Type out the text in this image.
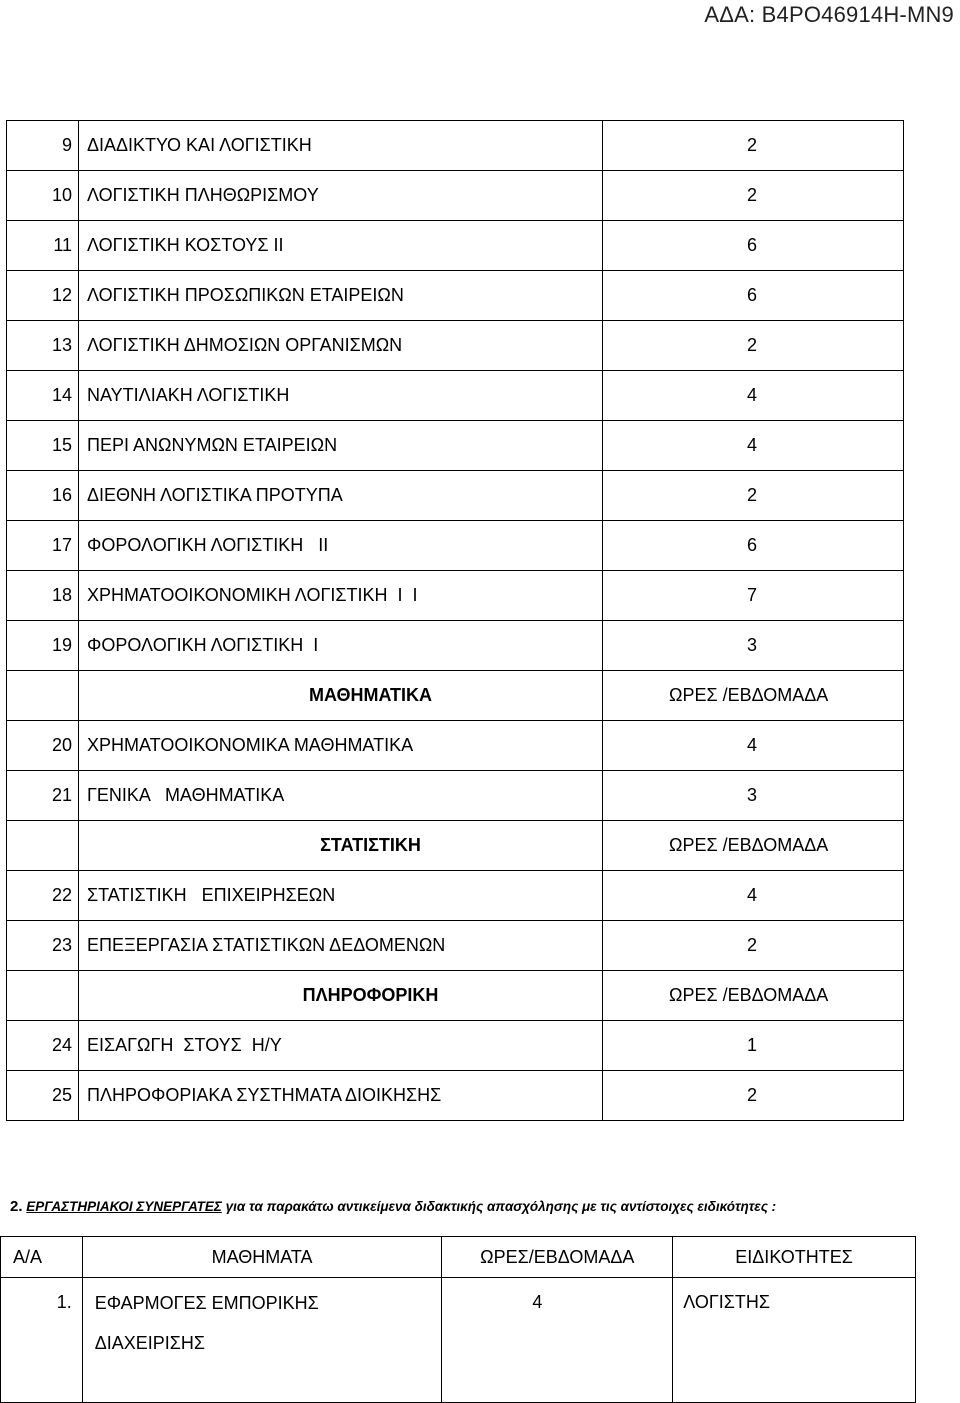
ΑΔΑ: Β4ΡΟ46914Η-ΜΝ9
9	ΔΙΑΔΙΚΤΥΟ ΚΑΙ ΛΟΓΙΣΤΙΚΗ	2
10	ΛΟΓΙΣΤΙΚΗ ΠΛΗΘΩΡΙΣΜΟΥ	2
11	ΛΟΓΙΣΤΙΚΗ ΚΟΣΤΟΥΣ ΙΙ	6
12	ΛΟΓΙΣΤΙΚΗ ΠΡΟΣΩΠΙΚΩΝ ΕΤΑΙΡΕΙΩΝ	6
13	ΛΟΓΙΣΤΙΚΗ ΔΗΜΟΣΙΩΝ ΟΡΓΑΝΙΣΜΩΝ	2
14	ΝΑΥΤΙΛΙΑΚΗ ΛΟΓΙΣΤΙΚΗ	4
15	ΠΕΡΙ ΑΝΩΝΥΜΩΝ ΕΤΑΙΡΕΙΩΝ	4
16	ΔΙΕΘΝΗ ΛΟΓΙΣΤΙΚΑ ΠΡΟΤΥΠΑ	2
17	ΦΟΡΟΛΟΓΙΚΗ ΛΟΓΙΣΤΙΚΗ   ΙΙ	6
18	ΧΡΗΜΑΤΟΟΙΚΟΝΟΜΙΚΗ ΛΟΓΙΣΤΙΚΗ  Ι  Ι	7
19	ΦΟΡΟΛΟΓΙΚΗ ΛΟΓΙΣΤΙΚΗ  Ι	3
	ΜΑΘΗΜΑΤΙΚΑ	ΩΡΕΣ /ΕΒΔΟΜΑΔΑ
20	ΧΡΗΜΑΤΟΟΙΚΟΝΟΜΙΚΑ ΜΑΘΗΜΑΤΙΚΑ	4
21	ΓΕΝΙΚΑ   ΜΑΘΗΜΑΤΙΚΑ	3
	ΣΤΑΤΙΣΤΙΚΗ	ΩΡΕΣ /ΕΒΔΟΜΑΔΑ
22	ΣΤΑΤΙΣΤΙΚΗ   ΕΠΙΧΕΙΡΗΣΕΩΝ	4
23	ΕΠΕΞΕΡΓΑΣΙΑ ΣΤΑΤΙΣΤΙΚΩΝ ΔΕΔΟΜΕΝΩΝ	2
	ΠΛΗΡΟΦΟΡΙΚΗ	ΩΡΕΣ /ΕΒΔΟΜΑΔΑ
24	ΕΙΣΑΓΩΓΗ  ΣΤΟΥΣ  Η/Υ	1
25	ΠΛΗΡΟΦΟΡΙΑΚΑ ΣΥΣΤΗΜΑΤΑ ΔΙΟΙΚΗΣΗΣ	2
2. ΕΡΓΑΣΤΗΡΙΑΚΟΙ ΣΥΝΕΡΓΑΤΕΣ για τα παρακάτω αντικείμενα διδακτικής απασχόλησης με τις αντίστοιχες ειδικότητες :
Α/Α	ΜΑΘΗΜΑΤΑ	ΩΡΕΣ/ΕΒΔΟΜΑΔΑ	ΕΙΔΙΚΟΤΗΤΕΣ
1.	ΕΦΑΡΜΟΓΕΣ ΕΜΠΟΡΙΚΗΣ
ΔΙΑΧΕΙΡΙΣΗΣ	4	ΛΟΓΙΣΤΗΣ
